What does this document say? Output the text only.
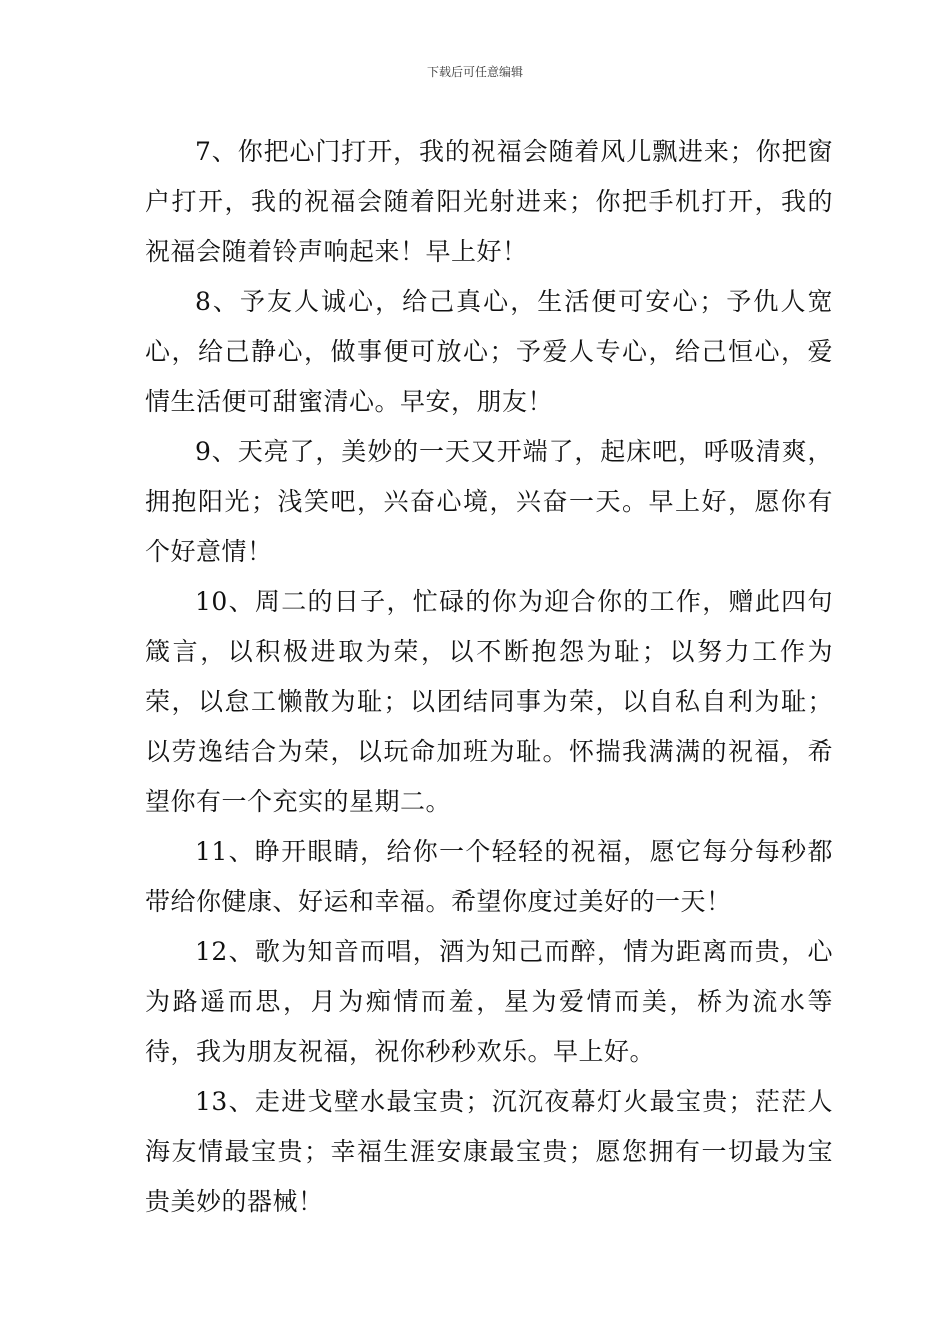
下载后可任意编辑

7、你把心门打开，我的祝福会随着风儿飘进来；你把窗户打开，我的祝福会随着阳光射进来；你把手机打开，我的祝福会随着铃声响起来！早上好！

8、予友人诚心，给己真心，生活便可安心；予仇人宽心，给己静心，做事便可放心；予爱人专心，给己恒心，爱情生活便可甜蜜清心。早安，朋友！

9、天亮了，美妙的一天又开端了，起床吧，呼吸清爽，拥抱阳光；浅笑吧，兴奋心境，兴奋一天。早上好，愿你有个好意情！

10、周二的日子，忙碌的你为迎合你的工作，赠此四句箴言，以积极进取为荣，以不断抱怨为耻；以努力工作为荣，以怠工懒散为耻；以团结同事为荣，以自私自利为耻；以劳逸结合为荣，以玩命加班为耻。怀揣我满满的祝福，希望你有一个充实的星期二。

11、睁开眼睛，给你一个轻轻的祝福，愿它每分每秒都带给你健康、好运和幸福。希望你度过美好的一天！

12、歌为知音而唱，酒为知己而醉，情为距离而贵，心为路遥而思，月为痴情而羞，星为爱情而美，桥为流水等待，我为朋友祝福，祝你秒秒欢乐。早上好。

13、走进戈壁水最宝贵；沉沉夜幕灯火最宝贵；茫茫人海友情最宝贵；幸福生涯安康最宝贵；愿您拥有一切最为宝贵美妙的器械！
